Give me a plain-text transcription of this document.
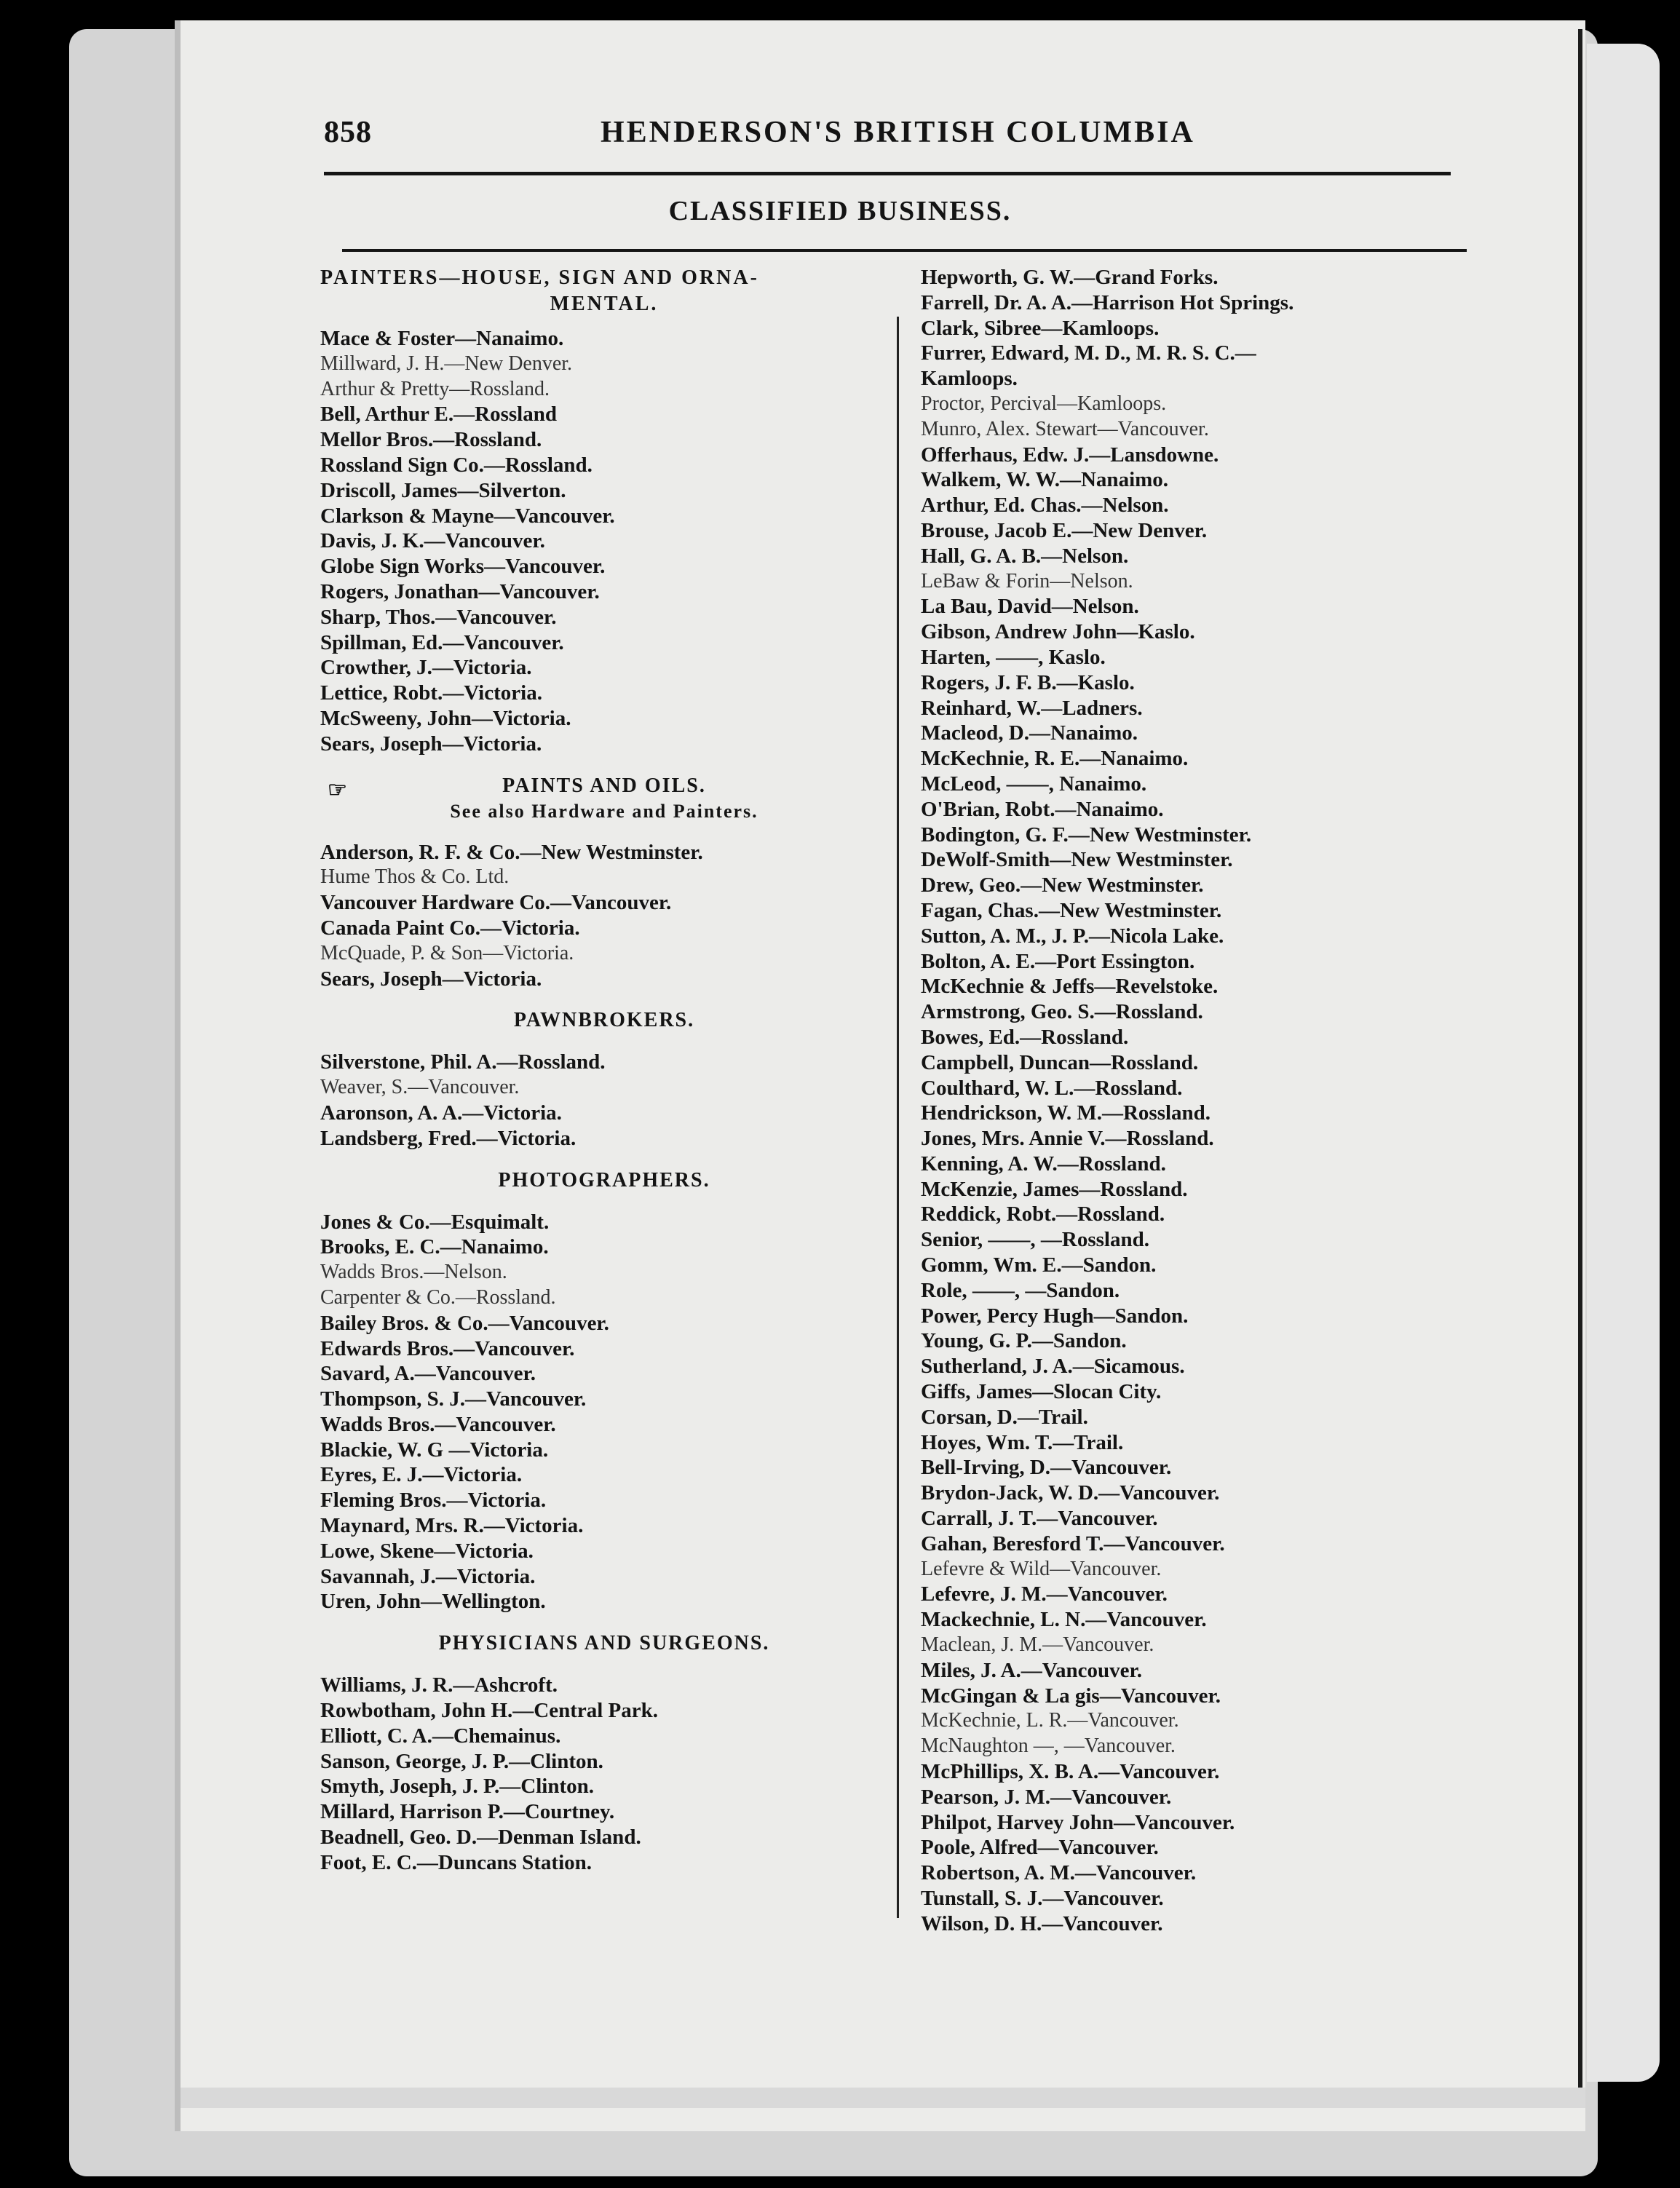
858	HENDERSON'S BRITISH COLUMBIA
CLASSIFIED BUSINESS.
☞
PAINTERS—HOUSE, SIGN AND ORNA-
MENTAL.
Mace & Foster—Nanaimo.
Millward, J. H.—New Denver.
Arthur & Pretty—Rossland.
Bell, Arthur E.—Rossland
Mellor Bros.—Rossland.
Rossland Sign Co.—Rossland.
Driscoll, James—Silverton.
Clarkson & Mayne—Vancouver.
Davis, J. K.—Vancouver.
Globe Sign Works—Vancouver.
Rogers, Jonathan—Vancouver.
Sharp, Thos.—Vancouver.
Spillman, Ed.—Vancouver.
Crowther, J.—Victoria.
Lettice, Robt.—Victoria.
McSweeny, John—Victoria.
Sears, Joseph—Victoria.
PAINTS AND OILS.
See also Hardware and Painters.
Anderson, R. F. & Co.—New Westminster.
Hume Thos & Co. Ltd.
Vancouver Hardware Co.—Vancouver.
Canada Paint Co.—Victoria.
McQuade, P. & Son—Victoria.
Sears, Joseph—Victoria.
PAWNBROKERS.
Silverstone, Phil. A.—Rossland.
Weaver, S.—Vancouver.
Aaronson, A. A.—Victoria.
Landsberg, Fred.—Victoria.
PHOTOGRAPHERS.
Jones & Co.—Esquimalt.
Brooks, E. C.—Nanaimo.
Wadds Bros.—Nelson.
Carpenter & Co.—Rossland.
Bailey Bros. & Co.—Vancouver.
Edwards Bros.—Vancouver.
Savard, A.—Vancouver.
Thompson, S. J.—Vancouver.
Wadds Bros.—Vancouver.
Blackie, W. G —Victoria.
Eyres, E. J.—Victoria.
Fleming Bros.—Victoria.
Maynard, Mrs. R.—Victoria.
Lowe, Skene—Victoria.
Savannah, J.—Victoria.
Uren, John—Wellington.
PHYSICIANS AND SURGEONS.
Williams, J. R.—Ashcroft.
Rowbotham, John H.—Central Park.
Elliott, C. A.—Chemainus.
Sanson, George, J. P.—Clinton.
Smyth, Joseph, J. P.—Clinton.
Millard, Harrison P.—Courtney.
Beadnell, Geo. D.—Denman Island.
Foot, E. C.—Duncans Station.
Hepworth, G. W.—Grand Forks.
Farrell, Dr. A. A.—Harrison Hot Springs.
Clark, Sibree—Kamloops.
Furrer, Edward, M. D., M. R. S. C.—
Kamloops.
Proctor, Percival—Kamloops.
Munro, Alex. Stewart—Vancouver.
Offerhaus, Edw. J.—Lansdowne.
Walkem, W. W.—Nanaimo.
Arthur, Ed. Chas.—Nelson.
Brouse, Jacob E.—New Denver.
Hall, G. A. B.—Nelson.
LeBaw & Forin—Nelson.
La Bau, David—Nelson.
Gibson, Andrew John—Kaslo.
Harten, ——, Kaslo.
Rogers, J. F. B.—Kaslo.
Reinhard, W.—Ladners.
Macleod, D.—Nanaimo.
McKechnie, R. E.—Nanaimo.
McLeod, ——, Nanaimo.
O'Brian, Robt.—Nanaimo.
Bodington, G. F.—New Westminster.
DeWolf-Smith—New Westminster.
Drew, Geo.—New Westminster.
Fagan, Chas.—New Westminster.
Sutton, A. M., J. P.—Nicola Lake.
Bolton, A. E.—Port Essington.
McKechnie & Jeffs—Revelstoke.
Armstrong, Geo. S.—Rossland.
Bowes, Ed.—Rossland.
Campbell, Duncan—Rossland.
Coulthard, W. L.—Rossland.
Hendrickson, W. M.—Rossland.
Jones, Mrs. Annie V.—Rossland.
Kenning, A. W.—Rossland.
McKenzie, James—Rossland.
Reddick, Robt.—Rossland.
Senior, ——, —Rossland.
Gomm, Wm. E.—Sandon.
Role, ——, —Sandon.
Power, Percy Hugh—Sandon.
Young, G. P.—Sandon.
Sutherland, J. A.—Sicamous.
Giffs, James—Slocan City.
Corsan, D.—Trail.
Hoyes, Wm. T.—Trail.
Bell-Irving, D.—Vancouver.
Brydon-Jack, W. D.—Vancouver.
Carrall, J. T.—Vancouver.
Gahan, Beresford T.—Vancouver.
Lefevre & Wild—Vancouver.
Lefevre, J. M.—Vancouver.
Mackechnie, L. N.—Vancouver.
Maclean, J. M.—Vancouver.
Miles, J. A.—Vancouver.
McGingan & La gis—Vancouver.
McKechnie, L. R.—Vancouver.
McNaughton —, —Vancouver.
McPhillips, X. B. A.—Vancouver.
Pearson, J. M.—Vancouver.
Philpot, Harvey John—Vancouver.
Poole, Alfred—Vancouver.
Robertson, A. M.—Vancouver.
Tunstall, S. J.—Vancouver.
Wilson, D. H.—Vancouver.
